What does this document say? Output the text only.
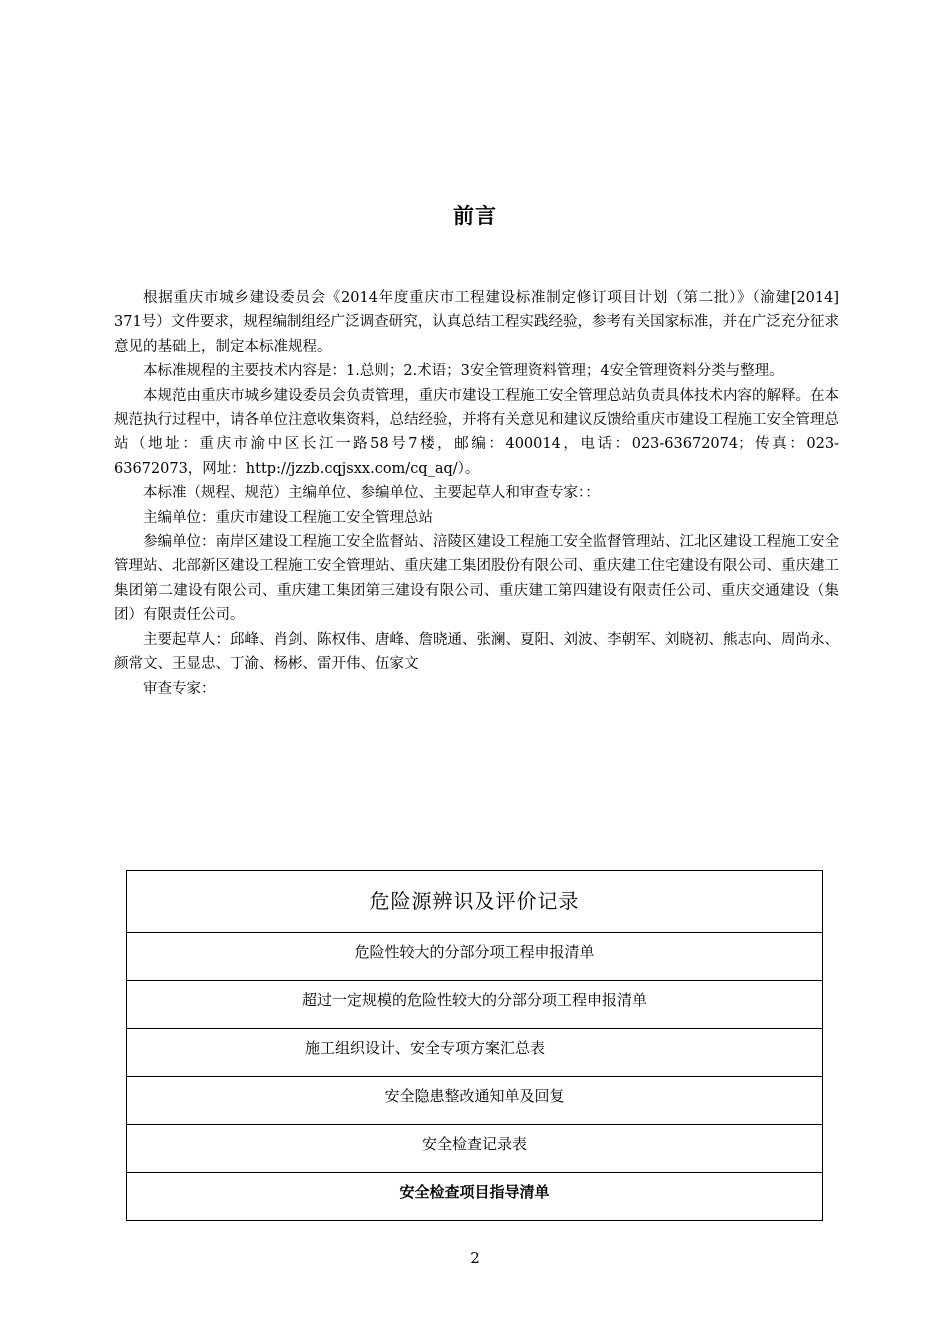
前言

根据重庆市城乡建设委员会《2014年度重庆市工程建设标准制定修订项目计划（第二批）》（渝建[2014] 371号）文件要求，规程编制组经广泛调查研究，认真总结工程实践经验，参考有关国家标准，并在广泛充分征求意见的基础上，制定本标准规程。

本标准规程的主要技术内容是：1.总则；2.术语；3安全管理资料管理；4安全管理资料分类与整理。

本规范由重庆市城乡建设委员会负责管理，重庆市建设工程施工安全管理总站负责具体技术内容的解释。在本规范执行过程中，请各单位注意收集资料，总结经验，并将有关意见和建议反馈给重庆市建设工程施工安全管理总站（地址：重庆市渝中区长江一路58号7楼，邮编：400014，电话：023-63672074；传真：023-63672073，网址：http://jzzb.cqjsxx.com/cq_aq/）。

本标准（规程、规范）主编单位、参编单位、主要起草人和审查专家：：

主编单位：重庆市建设工程施工安全管理总站

参编单位：南岸区建设工程施工安全监督站、涪陵区建设工程施工安全监督管理站、江北区建设工程施工安全管理站、北部新区建设工程施工安全管理站、重庆建工集团股份有限公司、重庆建工住宅建设有限公司、重庆建工集团第二建设有限公司、重庆建工集团第三建设有限公司、重庆建工第四建设有限责任公司、重庆交通建设（集团）有限责任公司。

主要起草人：邱峰、肖剑、陈权伟、唐峰、詹晓通、张澜、夏阳、刘波、李朝军、刘晓初、熊志向、周尚永、颜常文、王显忠、丁渝、杨彬、雷开伟、伍家文

审查专家：

危险源辨识及评价记录
危险性较大的分部分项工程申报清单
超过一定规模的危险性较大的分部分项工程申报清单
施工组织设计、安全专项方案汇总表
安全隐患整改通知单及回复
安全检查记录表
安全检查项目指导清单
2
